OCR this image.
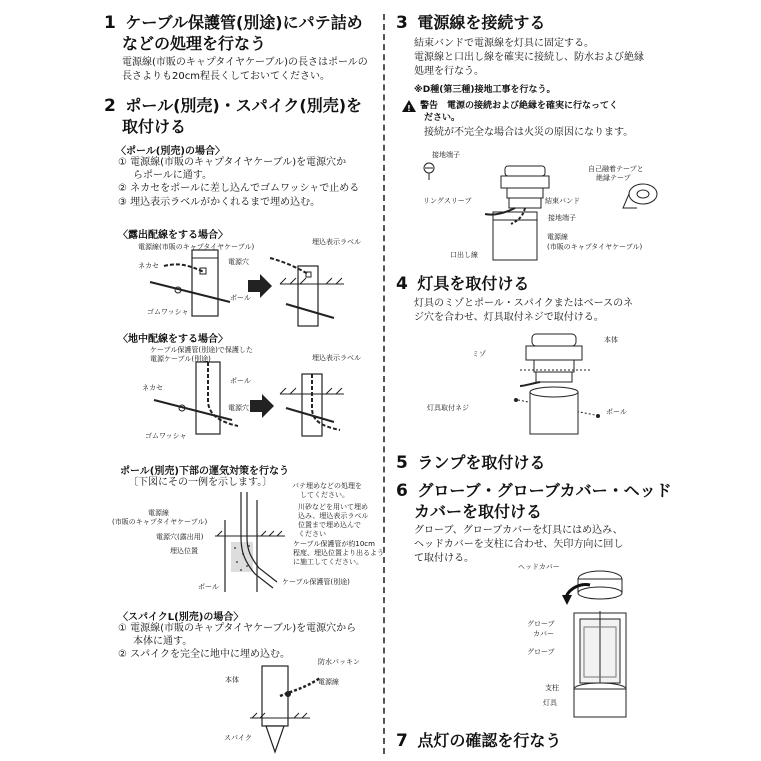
1 ケーブル保護管(別途)にパテ詰め
などの処理を行なう
電源線(市販のキャプタイヤケーブル)の長さはポールの
長さよりも20cm程長くしておいてください。
2 ポール(別売)・スパイク(別売)を
取付ける
〈ポール(別売)の場合〉
① 電源線(市販のキャプタイヤケーブル)を電源穴か
らポールに通す。
② ネカセをポールに差し込んでゴムワッシャで止める
③ 埋込表示ラベルがかくれるまで埋め込む。
〈露出配線をする場合〉
電源線(市販のキャプタイヤケーブル)
埋込表示ラベル
電源穴
ネカセ
ポール
ゴムワッシャ
〈地中配線をする場合〉
ケーブル保護管(別途)で保護した
電源ケーブル(別途)	埋込表示ラベル
ポール
ネカセ
電源穴
ゴムワッシャ
ポール(別売)下部の運気対策を行なう
〔下図にその一例を示します。〕	パテ埋めなどの処理を
してください。
川砂などを用いて埋め
込み、埋込表示ラベル
位置まで埋め込んで
ください
電源線
(市販のキャプタイヤケーブル)
電源穴(露出用)
埋込位置
ケーブル保護管が約10cm
程度、埋込位置より出るよう
に施工してください。
ポール
ケーブル保護管(別途)
〈スパイクL(別売)の場合〉
① 電源線(市販のキャプタイヤケーブル)を電源穴から
本体に通す。
② スパイクを完全に地中に埋め込む。
防水パッキン
本体	電源線
スパイク
3 電源線を接続する
結束バンドで電源線を灯具に固定する。
電源線と口出し線を確実に接続し、防水および絶縁
処理を行なう。
※D種(第三種)接地工事を行なう。
! 警告　電源の接続および絶縁を確実に行なってく
ださい。
接続が不完全な場合は火災の原因になります。
接地端子
自己融着テープと
絶縁テープ
リングスリーブ	結束バンド
接地端子
電源線
(市販のキャプタイヤケーブル)
口出し線
4 灯具を取付ける
灯具のミゾとポール・スパイクまたはベースのネ
ジ穴を合わせ、灯具取付ネジで取付ける。
本体
ミゾ
灯具取付ネジ	ポール
5 ランプを取付ける
6 グローブ・グローブカバー・ヘッド
カバーを取付ける
グローブ、グローブカバーを灯具にはめ込み、
ヘッドカバーを支柱に合わせ、矢印方向に回し
て取付ける。
ヘッドカバー
グローブ
カバー
グローブ
支柱
灯具
7 点灯の確認を行なう
